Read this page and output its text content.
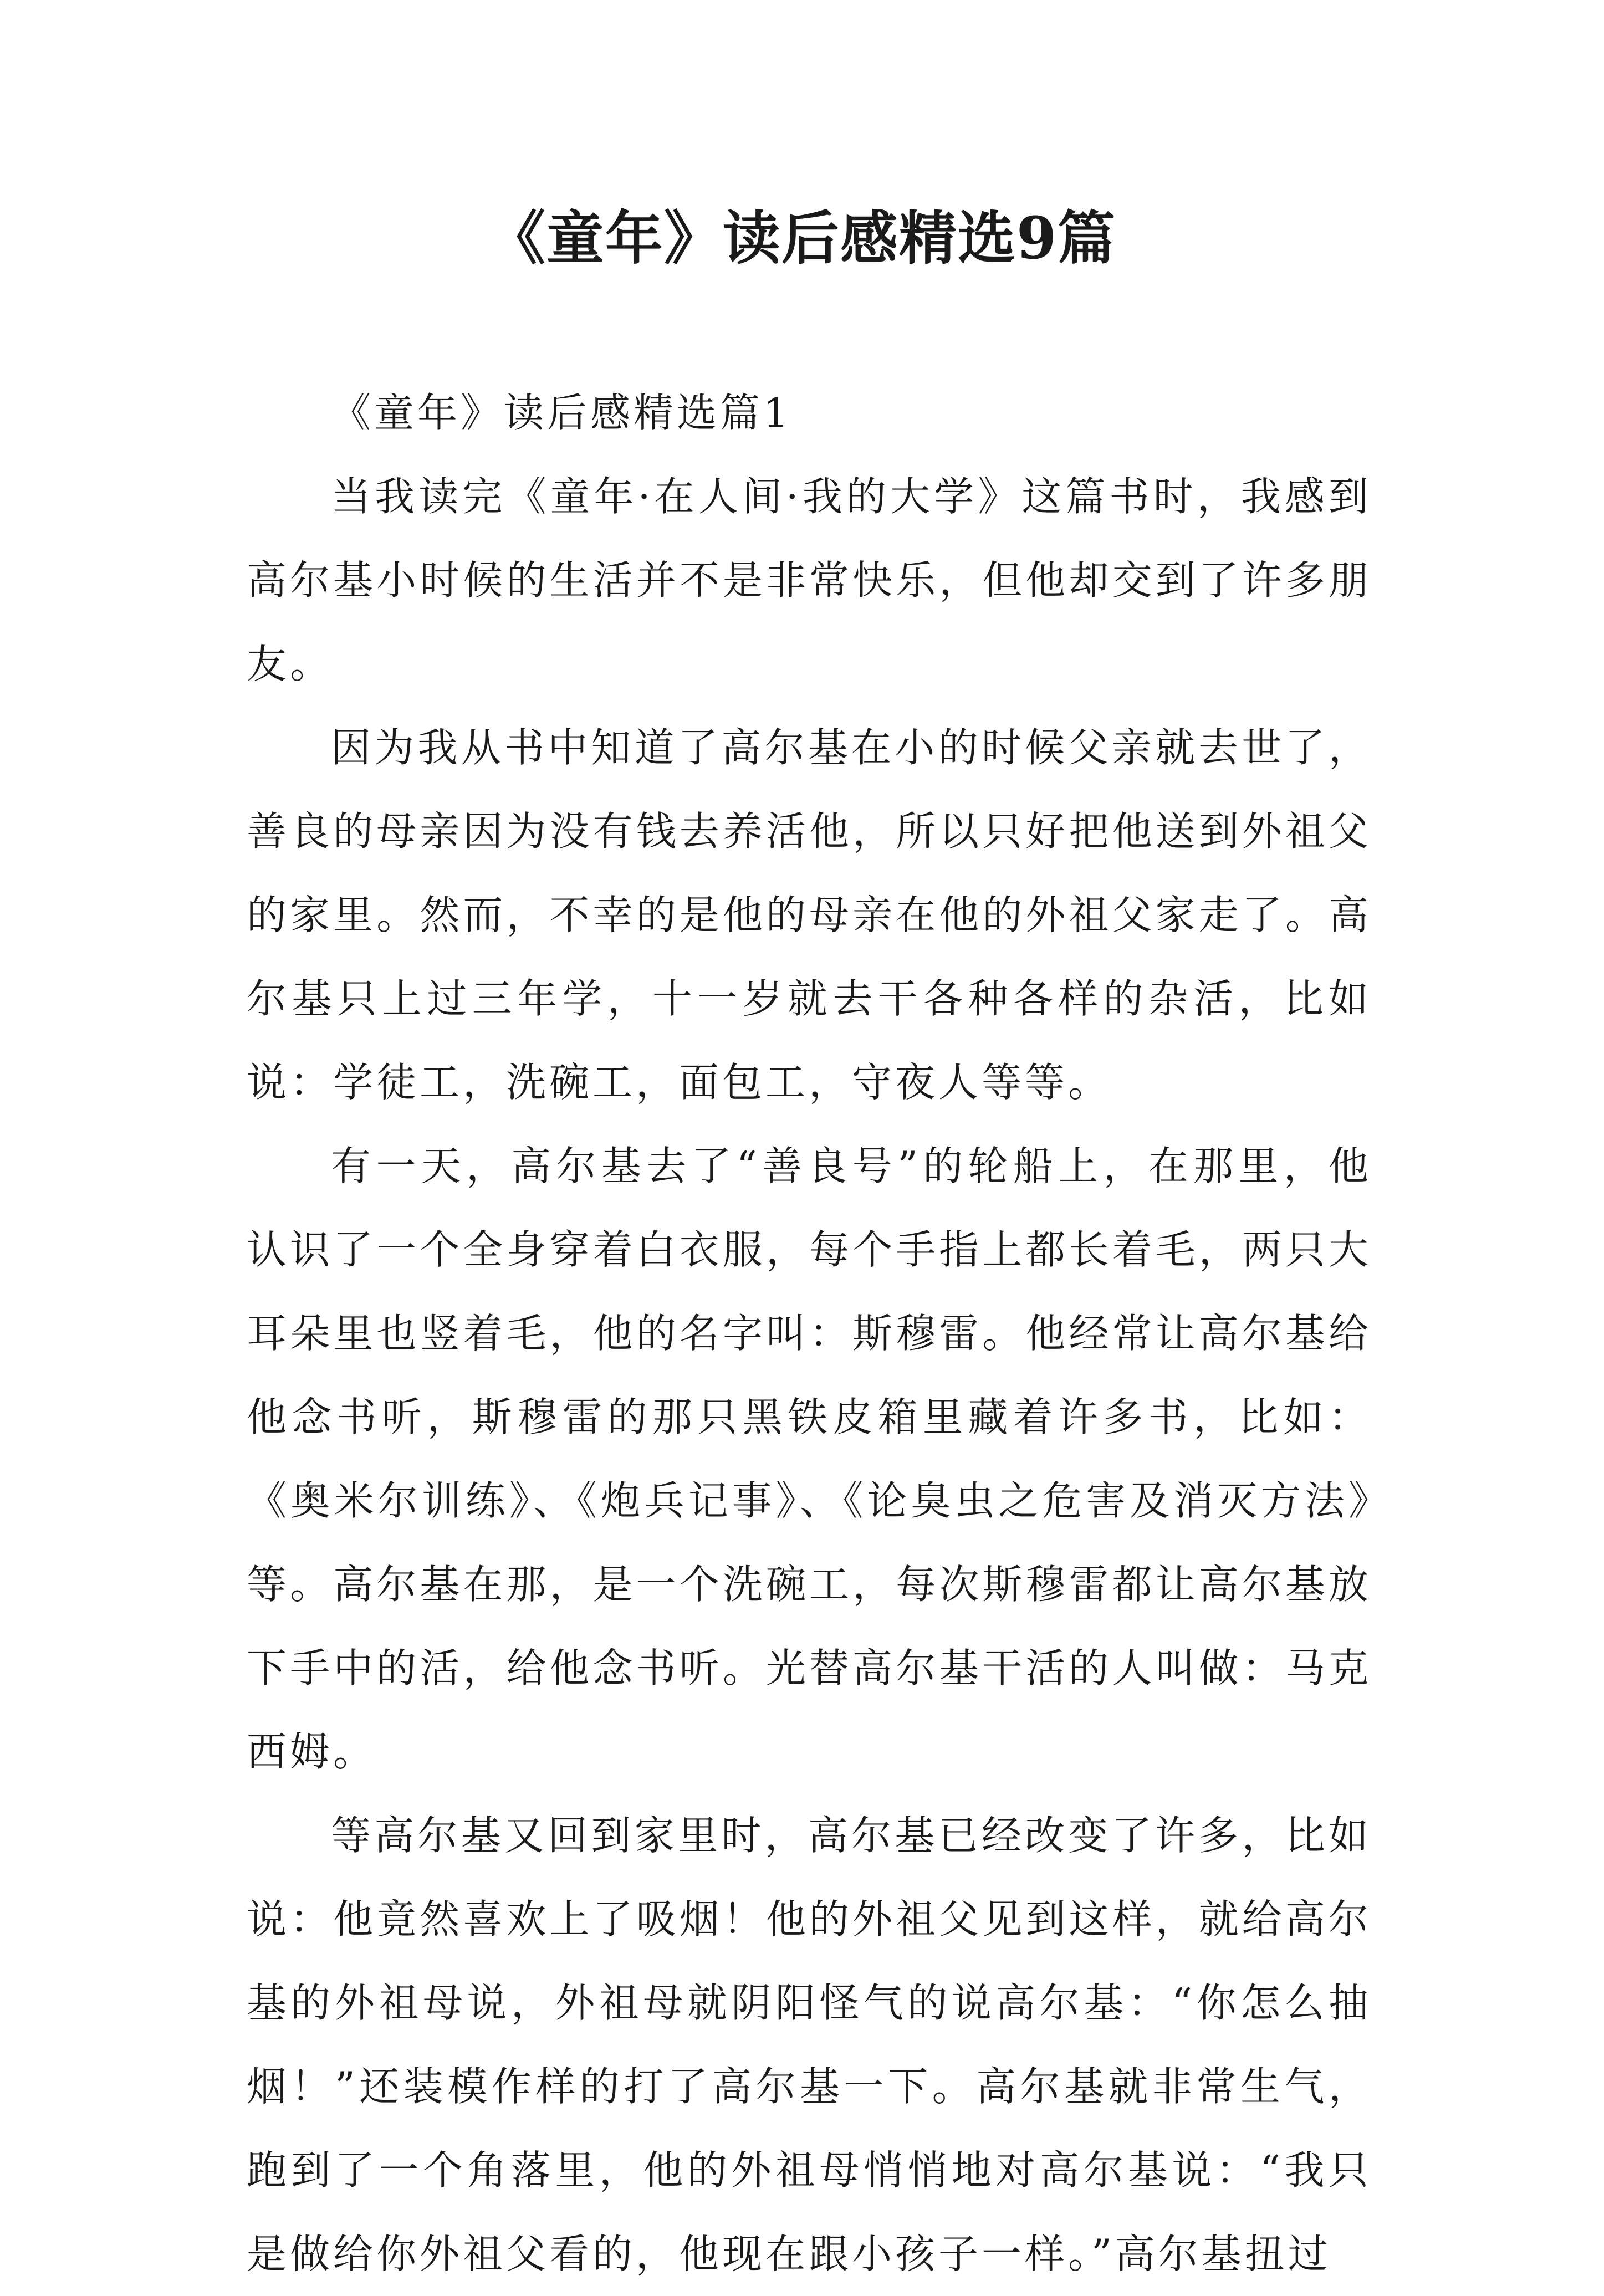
《童年》读后感精选9篇
《童年》读后感精选篇1

当我读完《童年·在人间·我的大学》这篇书时，我感到高尔基小时候的生活并不是非常快乐，但他却交到了许多朋友。

因为我从书中知道了高尔基在小的时候父亲就去世了，善良的母亲因为没有钱去养活他，所以只好把他送到外祖父的家里。然而，不幸的是他的母亲在他的外祖父家走了。高尔基只上过三年学，十一岁就去干各种各样的杂活，比如说：学徒工，洗碗工，面包工，守夜人等等。

有一天，高尔基去了“善良号”的轮船上，在那里，他认识了一个全身穿着白衣服，每个手指上都长着毛，两只大耳朵里也竖着毛，他的名字叫：斯穆雷。他经常让高尔基给他念书听，斯穆雷的那只黑铁皮箱里藏着许多书，比如：《奥米尔训练》、《炮兵记事》、《论臭虫之危害及消灭方法》等。高尔基在那，是一个洗碗工，每次斯穆雷都让高尔基放下手中的活，给他念书听。光替高尔基干活的人叫做：马克西姆。

等高尔基又回到家里时，高尔基已经改变了许多，比如说：他竟然喜欢上了吸烟！他的外祖父见到这样，就给高尔基的外祖母说，外祖母就阴阳怪气的说高尔基：“你怎么抽烟！”还装模作样的打了高尔基一下。高尔基就非常生气，跑到了一个角落里，他的外祖母悄悄地对高尔基说：“我只是做给你外祖父看的，他现在跟小孩子一样。”高尔基扭过
